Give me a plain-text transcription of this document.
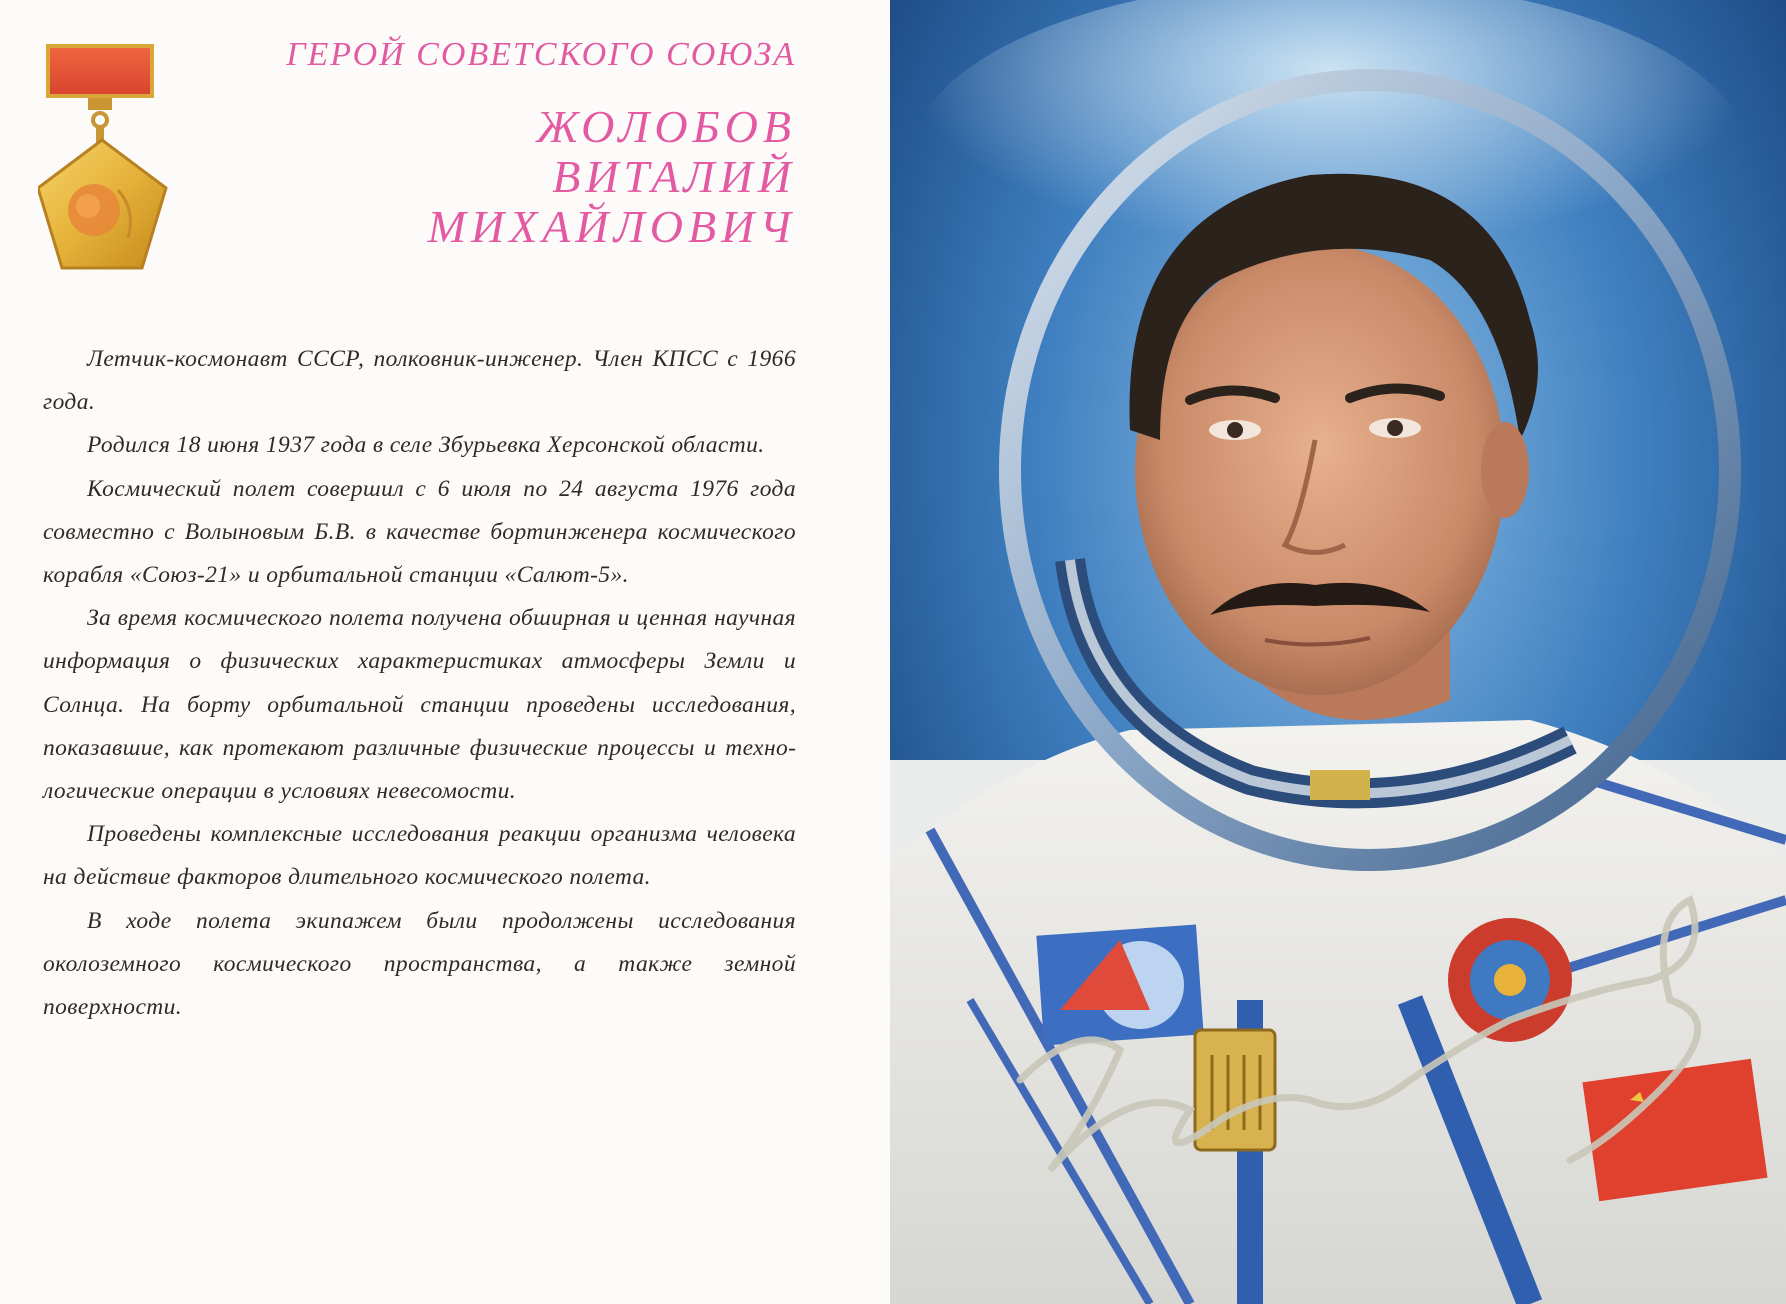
ГЕРОЙ СОВЕТСКОГО СОЮЗА
ЖОЛОБОВ
ВИТАЛИЙ
МИХАЙЛОВИЧ

Летчик-космонавт СССР, полковник-инженер. Член КПСС с 1966 года.

Родился 18 июня 1937 года в селе Збурьевка Херсонской области.

Космический полет совершил с 6 июля по 24 августа 1976 года совместно с Волыновым Б.В. в качестве бортинженера космического корабля «Союз-21» и орбитальной станции «Салют-5».

За время космического полета получена обширная и ценная научная информация о физических характеристиках атмосферы Земли и Солнца. На борту орбитальной станции проведены исследования, показавшие, как протекают различные физические процессы и технологические операции в условиях невесомости.

Проведены комплексные исследования реакции организма человека на действие факторов длительного космического полета.

В ходе полета экипажем были продолжены исследования околоземного космического пространства, а также земной поверхности.
